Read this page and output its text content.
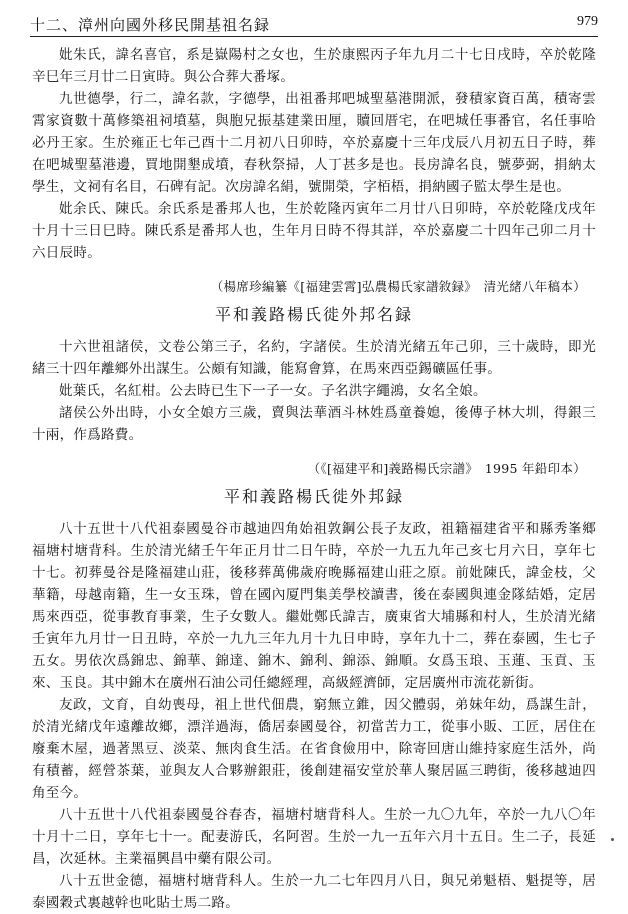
十二、漳州向國外移民開基祖名録	979

妣朱氏，諱名喜官，系是嶽陽村之女也，生於康熙丙子年九月二十七日戌時，卒於乾隆辛巳年三月廿二日寅時。與公合葬大番塚。

九世德學，行二，諱名款，字德學，出祖番邦吧城聖墓港開派，發積家資百萬，積寄雲霄家資數十萬修築祖祠墳墓，與胞兄振基建業田厘，贖回厝宅，在吧城任事番官，名任事哈必丹王家。生於雍正七年己酉十二月初八日卯時，卒於嘉慶十三年戊辰八月初五日子時，葬在吧城聖墓港邊，買地開墾成墳，春秋祭掃，人丁甚多是也。長房諱名良，號夢弼，捐納太學生，文祠有名目，石碑有記。次房諱名絹，號開榮，字栢梧，捐納國子監太學生是也。

妣余氏、陳氏。余氏系是番邦人也，生於乾隆丙寅年二月廿八日卯時，卒於乾隆戊戌年十月十三日巳時。陳氏系是番邦人也，生年月日時不得其詳，卒於嘉慶二十四年己卯二月十六日辰時。

（楊席珍編纂《[福建雲霄]弘農楊氏家譜敘録》　清光緒八年稿本）

平和義路楊氏徙外邦名録

十六世祖諸侯，文卷公第三子，名約，字諸侯。生於清光緒五年己卯，三十歲時，即光緒三十四年離鄉外出謀生。公頗有知識，能寫會算，在馬來西亞錫礦區任事。

妣葉氏，名紅柑。公去時已生下一子一女。子名洪字繩鴻，女名全娘。

諸侯公外出時，小女全娘方三歲，賣與法華酒斗林姓爲童養媳，後傳子林大圳，得銀三十兩，作爲路費。

（《[福建平和]義路楊氏宗譜》　1995 年鉛印本）

平和義路楊氏徙外邦録

八十五世十八代祖泰國曼谷市越迪四角始祖敦鋼公長子友政，祖籍福建省平和縣秀峯鄉福塘村塘背科。生於清光緒壬午年正月廿二日午時，卒於一九五九年己亥七月六日，享年七十七。初葬曼谷是隆福建山莊，後移葬萬佛歲府晚縣福建山莊之原。前妣陳氏，諱金枝，父華籍，母越南籍，生一女玉珠，曾在國內厦門集美學校讀書，後在泰國與連金隊結婚，定居馬來西亞，從事教育事業，生子女數人。繼妣鄭氏諱吉，廣東省大埔縣和村人，生於清光緒壬寅年九月廿一日丑時，卒於一九九三年九月十九日申時，享年九十二，葬在泰國，生七子五女。男依次爲錦忠、錦華、錦達、錦木、錦利、錦添、錦順。女爲玉琅、玉蓮、玉貢、玉來、玉良。其中錦木在廣州石油公司任總經理，高級經濟師，定居廣州市流花新街。

友政，文育，自幼喪母，祖上世代佃農，窮無立錐，因父體弱，弟妹年幼，爲謀生計，於清光緒戊年遠離故鄉，漂洋過海，僑居泰國曼谷，初當苦力工，從事小販、工匠，居住在廢棄木屋，過著黑豆、淡菜、無肉食生活。在省食儉用中，除寄回唐山維持家庭生活外，尚有積蓄，經營茶葉，並與友人合夥辦銀莊，後創建福安堂於華人聚居區三聘街，後移越迪四角至今。

八十五世十八代祖泰國曼谷春杏，福塘村塘背科人。生於一九〇九年，卒於一九八〇年十月十二日，享年七十一。配妻游氏，名阿習。生於一九一五年六月十五日。生二子，長延昌，次延林。主業福興昌中藥有限公司。

八十五世金德，福塘村塘背科人。生於一九二七年四月八日，與兄弟魁梧、魁提等，居泰國穀式裏越幹也叱貼士馬二路。
